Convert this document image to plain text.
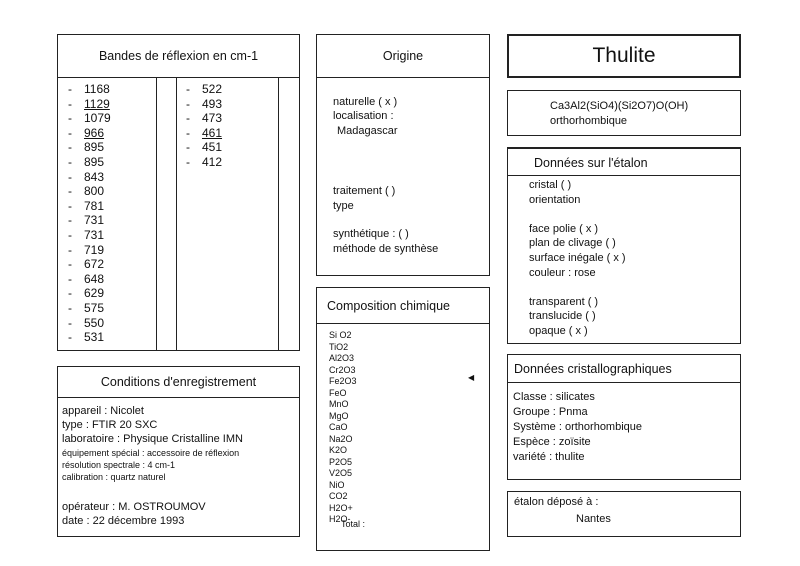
Bandes de réflexion en cm-1
- 1168
- 1129
- 1079
- 966
- 895
- 895
- 843
- 800
- 781
- 731
- 731
- 719
- 672
- 648
- 629
- 575
- 550
- 531
- 522
- 493
- 473
- 461
- 451
- 412
Origine
naturelle ( x )
localisation :
Madagascar
traitement ( )
type
synthétique : ( )
méthode de synthèse
Composition chimique
Si O2
TiO2
Al2O3
Cr2O3
Fe2O3
FeO
MnO
MgO
CaO
Na2O
K2O
P2O5
V2O5
NiO
CO2
H2O+
H2O-
Total :
◀
Thulite
Ca3Al2(SiO4)(Si2O7)O(OH)
orthorhombique
Données sur l'étalon
cristal ( )
orientation
face polie ( x )
plan de clivage ( )
surface inégale ( x )
couleur : rose
transparent ( )
translucide ( )
opaque ( x )
Données cristallographiques
Classe : silicates
Groupe : Pnma
Système : orthorhombique
Espèce : zoïsite
variété : thulite
étalon déposé à :
Nantes
Conditions d'enregistrement
appareil : Nicolet
type : FTIR 20 SXC
laboratoire : Physique Cristalline IMN
équipement spécial : accessoire de réflexion
résolution spectrale : 4 cm-1
calibration : quartz naturel
opérateur : M. OSTROUMOV
date : 22 décembre 1993
